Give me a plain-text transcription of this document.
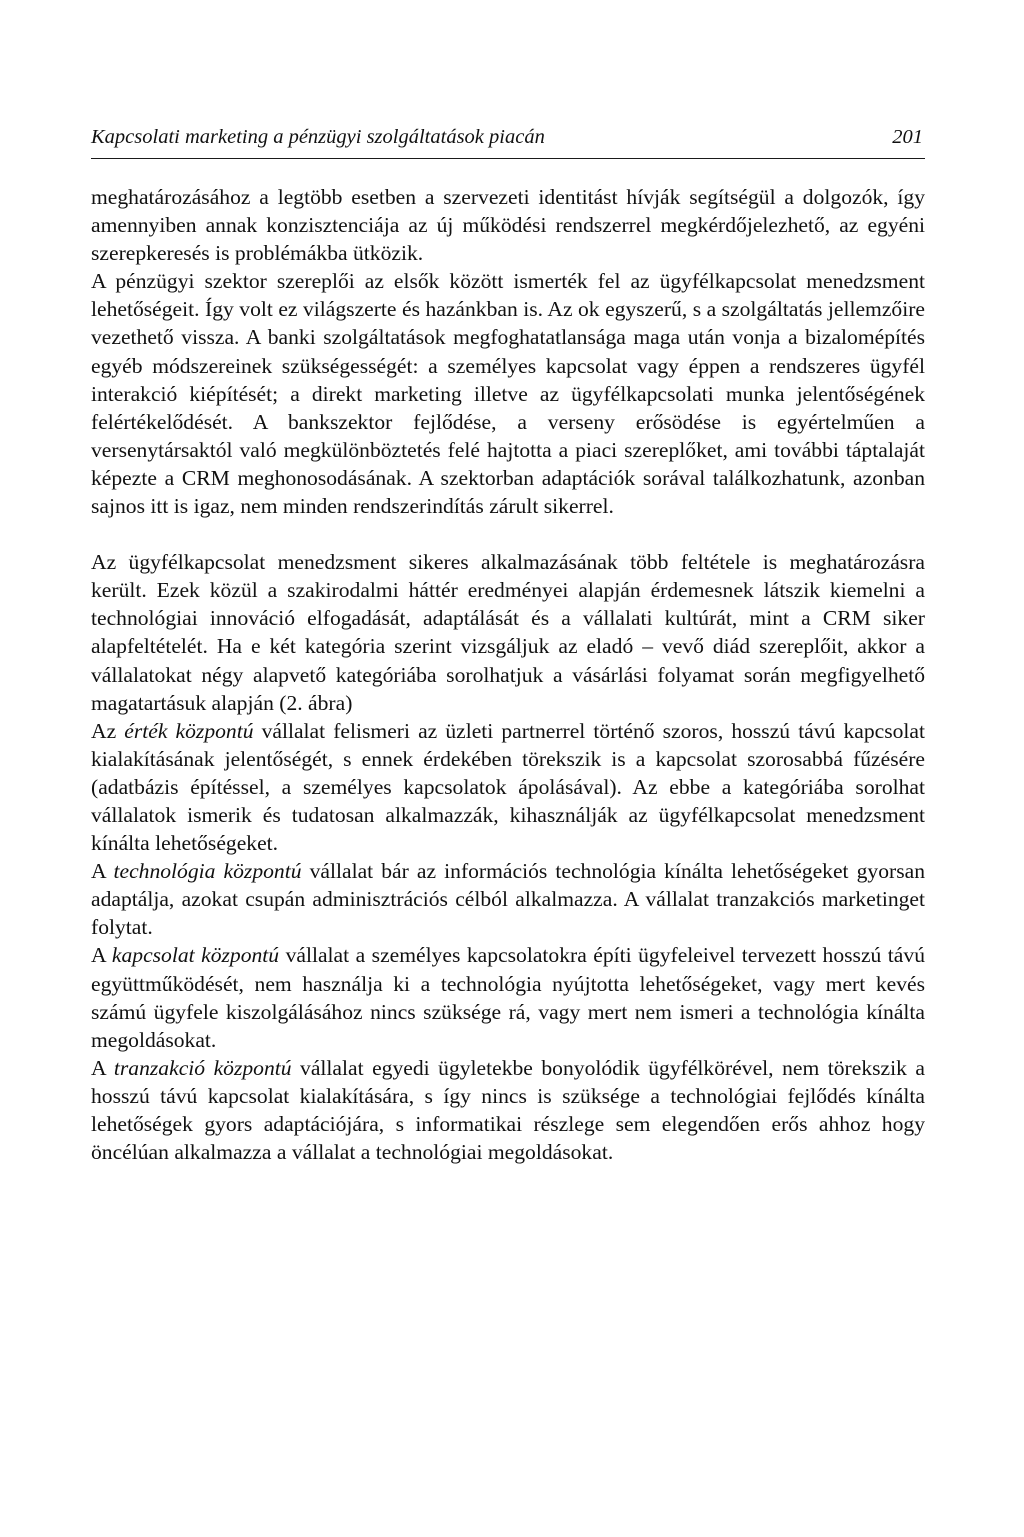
Kapcsolati marketing a pénzügyi szolgáltatások piacán	201

meghatározásához a legtöbb esetben a szervezeti identitást hívják segítségül a dolgozók, így amennyiben annak konzisztenciája az új működési rendszerrel megkérdőjelezhető, az egyéni szerepkeresés is problémákba ütközik.

A pénzügyi szektor szereplői az elsők között ismerték fel az ügyfélkapcsolat menedzsment lehetőségeit. Így volt ez világszerte és hazánkban is. Az ok egyszerű, s a szolgáltatás jellemzőire vezethető vissza. A banki szolgáltatások megfoghatatlansága maga után vonja a bizalomépítés egyéb módszereinek szükségességét: a személyes kapcsolat vagy éppen a rendszeres ügyfél interakció kiépítését; a direkt marketing illetve az ügyfélkapcsolati munka jelentőségének felértékelődését. A bankszektor fejlődése, a verseny erősödése is egyértelműen a versenytársaktól való megkülönböztetés felé hajtotta a piaci szereplőket, ami további táptalaját képezte a CRM meghonosodásának. A szektorban adaptációk sorával találkozhatunk, azonban sajnos itt is igaz, nem minden rendszerindítás zárult sikerrel.

Az ügyfélkapcsolat menedzsment sikeres alkalmazásának több feltétele is meghatározásra került. Ezek közül a szakirodalmi háttér eredményei alapján érdemesnek látszik kiemelni a technológiai innováció elfogadását, adaptálását és a vállalati kultúrát, mint a CRM siker alapfeltételét. Ha e két kategória szerint vizsgáljuk az eladó – vevő diád szereplőit, akkor a vállalatokat négy alapvető kategóriába sorolhatjuk a vásárlási folyamat során megfigyelhető magatartásuk alapján (2. ábra)

Az érték központú vállalat felismeri az üzleti partnerrel történő szoros, hosszú távú kapcsolat kialakításának jelentőségét, s ennek érdekében törekszik is a kapcsolat szorosabbá fűzésére (adatbázis építéssel, a személyes kapcsolatok ápolásával). Az ebbe a kategóriába sorolhat vállalatok ismerik és tudatosan alkalmazzák, kihasználják az ügyfélkapcsolat menedzsment kínálta lehetőségeket.

A technológia központú vállalat bár az információs technológia kínálta lehetőségeket gyorsan adaptálja, azokat csupán adminisztrációs célból alkalmazza. A vállalat tranzakciós marketinget folytat.

A kapcsolat központú vállalat a személyes kapcsolatokra építi ügyfeleivel tervezett hosszú távú együttműködését, nem használja ki a technológia nyújtotta lehetőségeket, vagy mert kevés számú ügyfele kiszolgálásához nincs szüksége rá, vagy mert nem ismeri a technológia kínálta megoldásokat.

A tranzakció központú vállalat egyedi ügyletekbe bonyolódik ügyfélkörével, nem törekszik a hosszú távú kapcsolat kialakítására, s így nincs is szüksége a technológiai fejlődés kínálta lehetőségek gyors adaptációjára, s informatikai részlege sem elegendően erős ahhoz hogy öncélúan alkalmazza a vállalat a technológiai megoldásokat.
